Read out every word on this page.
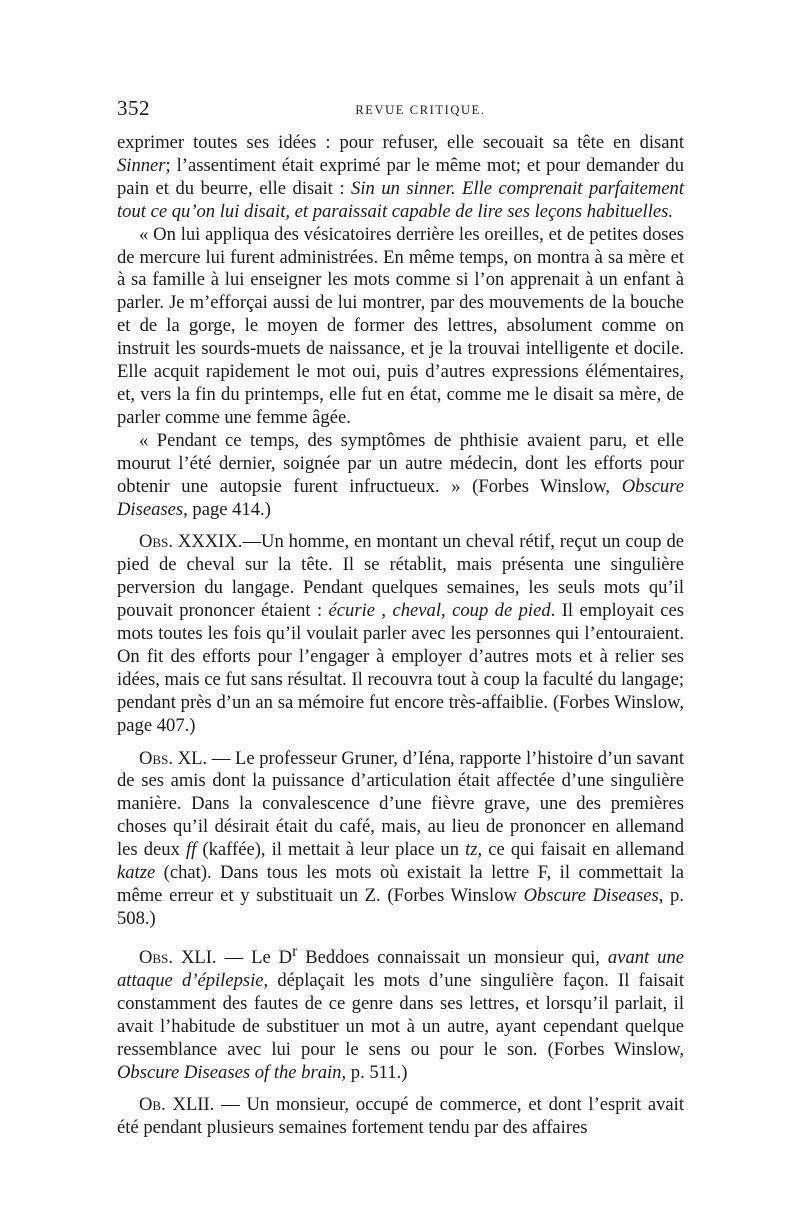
352	REVUE CRITIQUE.

exprimer toutes ses idées : pour refuser, elle secouait sa tête en disant Sinner; l’assentiment était exprimé par le même mot; et pour demander du pain et du beurre, elle disait : Sin un sinner. Elle comprenait parfaitement tout ce qu’on lui disait, et paraissait capable de lire ses leçons habituelles.

« On lui appliqua des vésicatoires derrière les oreilles, et de petites doses de mercure lui furent administrées. En même temps, on montra à sa mère et à sa famille à lui enseigner les mots comme si l’on apprenait à un enfant à parler. Je m’efforçai aussi de lui montrer, par des mouvements de la bouche et de la gorge, le moyen de former des lettres, absolument comme on instruit les sourds-muets de naissance, et je la trouvai intelligente et docile. Elle acquit rapidement le mot oui, puis d’autres expressions élémentaires, et, vers la fin du printemps, elle fut en état, comme me le disait sa mère, de parler comme une femme âgée.

« Pendant ce temps, des symptômes de phthisie avaient paru, et elle mourut l’été dernier, soignée par un autre médecin, dont les efforts pour obtenir une autopsie furent infructueux. » (Forbes Winslow, Obscure Diseases, page 414.)

Obs. XXXIX.—Un homme, en montant un cheval rétif, reçut un coup de pied de cheval sur la tête. Il se rétablit, mais présenta une singulière perversion du langage. Pendant quelques semaines, les seuls mots qu’il pouvait prononcer étaient : écurie , cheval, coup de pied. Il employait ces mots toutes les fois qu’il voulait parler avec les personnes qui l’entouraient. On fit des efforts pour l’engager à employer d’autres mots et à relier ses idées, mais ce fut sans résultat. Il recouvra tout à coup la faculté du langage; pendant près d’un an sa mémoire fut encore très-affaiblie. (Forbes Winslow, page 407.)

Obs. XL. — Le professeur Gruner, d’Iéna, rapporte l’histoire d’un savant de ses amis dont la puissance d’articulation était affectée d’une singulière manière. Dans la convalescence d’une fièvre grave, une des premières choses qu’il désirait était du café, mais, au lieu de prononcer en allemand les deux ff (kaffée), il mettait à leur place un tz, ce qui faisait en allemand katze (chat). Dans tous les mots où existait la lettre F, il commettait la même erreur et y substituait un Z. (Forbes Winslow Obscure Diseases, p. 508.)

Obs. XLI. — Le $D^r$ Beddoes connaissait un monsieur qui, avant une attaque d’épilepsie, déplaçait les mots d’une singulière façon. Il faisait constamment des fautes de ce genre dans ses lettres, et lorsqu’il parlait, il avait l’habitude de substituer un mot à un autre, ayant cependant quelque ressemblance avec lui pour le sens ou pour le son. (Forbes Winslow, Obscure Diseases of the brain, p. 511.)

Ob. XLII. — Un monsieur, occupé de commerce, et dont l’esprit avait été pendant plusieurs semaines fortement tendu par des affaires
